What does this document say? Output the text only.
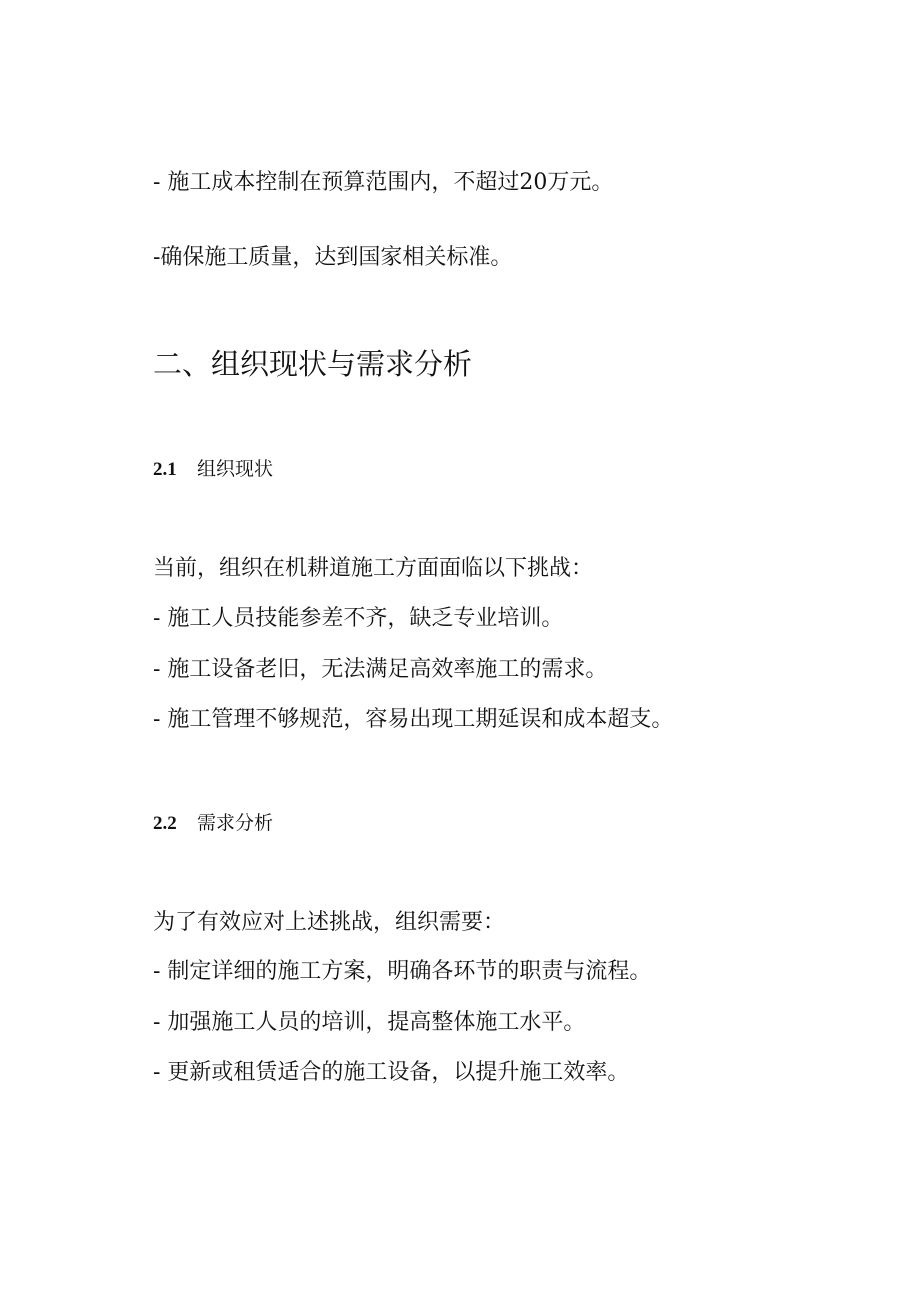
- 施工成本控制在预算范围内，不超过20万元。
-确保施工质量，达到国家相关标准。
二、组织现状与需求分析
2.1 组织现状
当前，组织在机耕道施工方面面临以下挑战：
- 施工人员技能参差不齐，缺乏专业培训。
- 施工设备老旧，无法满足高效率施工的需求。
- 施工管理不够规范，容易出现工期延误和成本超支。
2.2 需求分析
为了有效应对上述挑战，组织需要：
- 制定详细的施工方案，明确各环节的职责与流程。
- 加强施工人员的培训，提高整体施工水平。
- 更新或租赁适合的施工设备，以提升施工效率。
